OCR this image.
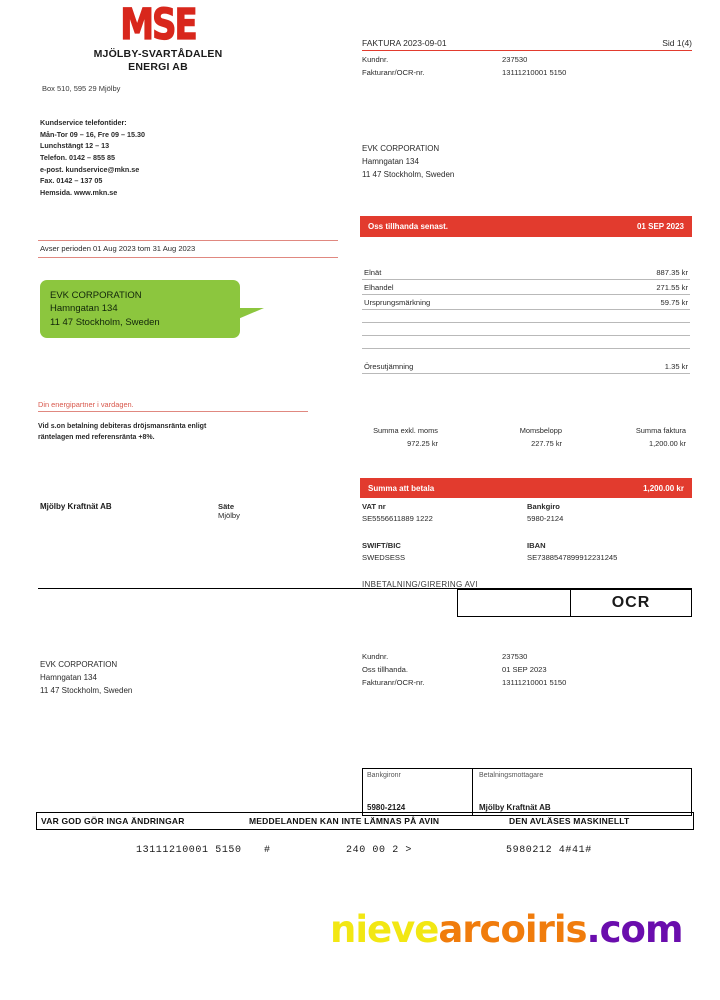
MSE
MJÖLBY-SVARTÅDALEN
ENERGI AB
Box 510, 595 29 Mjölby
Kundservice telefontider:
Mån-Tor 09 – 16, Fre 09 – 15.30
Lunchstängt 12 – 13
Telefon. 0142 – 855 85
e-post. kundservice@mkn.se
Fax. 0142 – 137 05
Hemsida. www.mkn.se
FAKTURA 2023-09-01	Sid 1(4)
Kundnr.	237530
Fakturanr/OCR-nr.	13111210001 5150
EVK CORPORATION
Hamngatan 134
11 47 Stockholm, Sweden
Oss tillhanda senast.	01 SEP 2023
Avser perioden 01 Aug 2023 tom 31 Aug 2023
EVK CORPORATION
Hamngatan 134
11 47 Stockholm, Sweden
Elnät	887.35 kr
Elhandel	271.55 kr
Ursprungsmärkning	59.75 kr
Öresutjämning	1.35 kr
Din energipartner i vardagen.
Vid s.on betalning debiteras dröjsmansränta enligt
räntelagen med referensränta +8%.
Summa exkl. moms
972.25 kr
Momsbelopp
227.75 kr
Summa faktura
1,200.00 kr
Summa att betala	1,200.00 kr
Mjölby Kraftnät AB	Säte
Mjölby
VAT nr
SE5556611889 1222
Bankgiro
5980-2124
SWIFT/BIC
SWEDSESS
IBAN
SE7388547899912231245
INBETALNING/GIRERING AVI
OCR
EVK CORPORATION
Hamngatan 134
11 47 Stockholm, Sweden
Kundnr.	237530
Oss tillhanda.	01 SEP 2023
Fakturanr/OCR-nr.	13111210001 5150
Bankgironr
5980-2124
Betalningsmottagare
Mjölby Kraftnät AB
VAR GOD GÖR INGA ÄNDRINGAR	MEDDELANDEN KAN INTE LÄMNAS PÅ AVIN	DEN AVLÄSES MASKINELLT
13111210001 5150 #	240 00 2 >	5980212 4#41#
nievearcoiris.com
